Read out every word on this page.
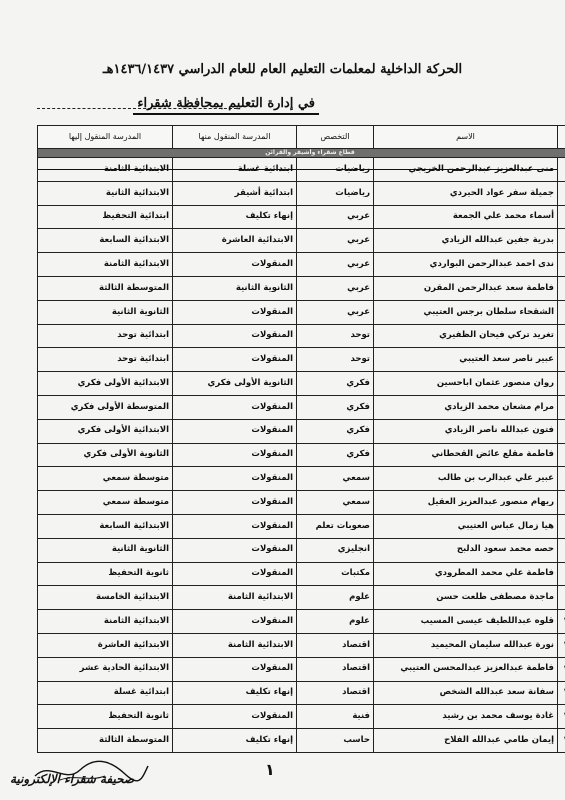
الحركة الداخلية لمعلمات التعليم العام للعام الدراسي ١٤٣٦/١٤٣٧هـ
في إدارة التعليم بمحافظة شقراء
قطاع شقراء وأشيقر والقرائن				
	الاسم	التخصص	المدرسة المنقول منها	المدرسة المنقول إليها

منى عبدالعزيز عبدالرحمن الخريجي	رياضيات	ابتدائية غسلة	الابتدائية الثامنة
	جميلة سفر عواد الحيردي	رياضيات	ابتدائية أشيقر	الابتدائية الثانية
	أسماء محمد علي الجمعة	عربي	إنهاء تكليف	ابتدائية التحفيظ
	بدرية جفين عبدالله الزيادي	عربي	الابتدائية العاشرة	الابتدائية السابعة
	ندى احمد عبدالرحمن البواردي	عربي	المنقولات	الابتدائية الثامنة
	فاطمة سعد عبدالرحمن المقرن	عربي	الثانوية الثانية	المتوسطة الثالثة
	الشقحاء سلطان برجس العتيبي	عربي	المنقولات	الثانوية الثانية
	تغريد تركي فيحان الظفيري	توحد	المنقولات	ابتدائية توحد
	عبير ناصر سعد العتيبي	توحد	المنقولات	ابتدائية توحد
	روان منصور عثمان اباحسين	فكري	الثانوية الأولى فكري	الابتدائية الأولى فكري
	مرام مشعان محمد الزيادي	فكري	المنقولات	المتوسطة الأولى فكري
	فتون عبدالله ناصر الزيادي	فكري	المنقولات	الابتدائية الأولى فكري
	فاطمة مقلع عائض القحطاني	فكري	المنقولات	الثانوية الأولى فكري
	عبير علي عبدالرب بن طالب	سمعي	المنقولات	متوسطة سمعي
	ريهام منصور عبدالعزيز العقيل	سمعي	المنقولات	متوسطة سمعي
	هيا زمال عباس العتيبي	صعوبات تعلم	المنقولات	الابتدائية السابعة
	حصه محمد سعود الدلبح	انجليزي	المنقولات	الثانوية الثانية
	فاطمة علي محمد المطرودي	مكتبات	المنقولات	ثانوية التحفيظ
	ماجدة مصطفى طلعت حسن	علوم	الابتدائية الثامنة	الابتدائية الخامسة
	قلوه عبداللطيف عيسى المسيب	علوم	المنقولات	الابتدائية الثامنة
	نورة عبدالله سليمان المحيميد	اقتصاد	الابتدائية الثامنة	الابتدائية العاشرة
	فاطمة عبدالعزيز عبدالمحسن العتيبي	اقتصاد	المنقولات	الابتدائية الحادية عشر
	سفانة سعد عبدالله الشخص	اقتصاد	إنهاء تكليف	ابتدائية غسلة
	غادة يوسف محمد بن رشيد	فنية	المنقولات	ثانوية التحفيظ
	إيمان طامي عبدالله الفلاح	حاسب	إنهاء تكليف	المتوسطة الثالثة
١
صحيفة شقراء الإلكترونية
